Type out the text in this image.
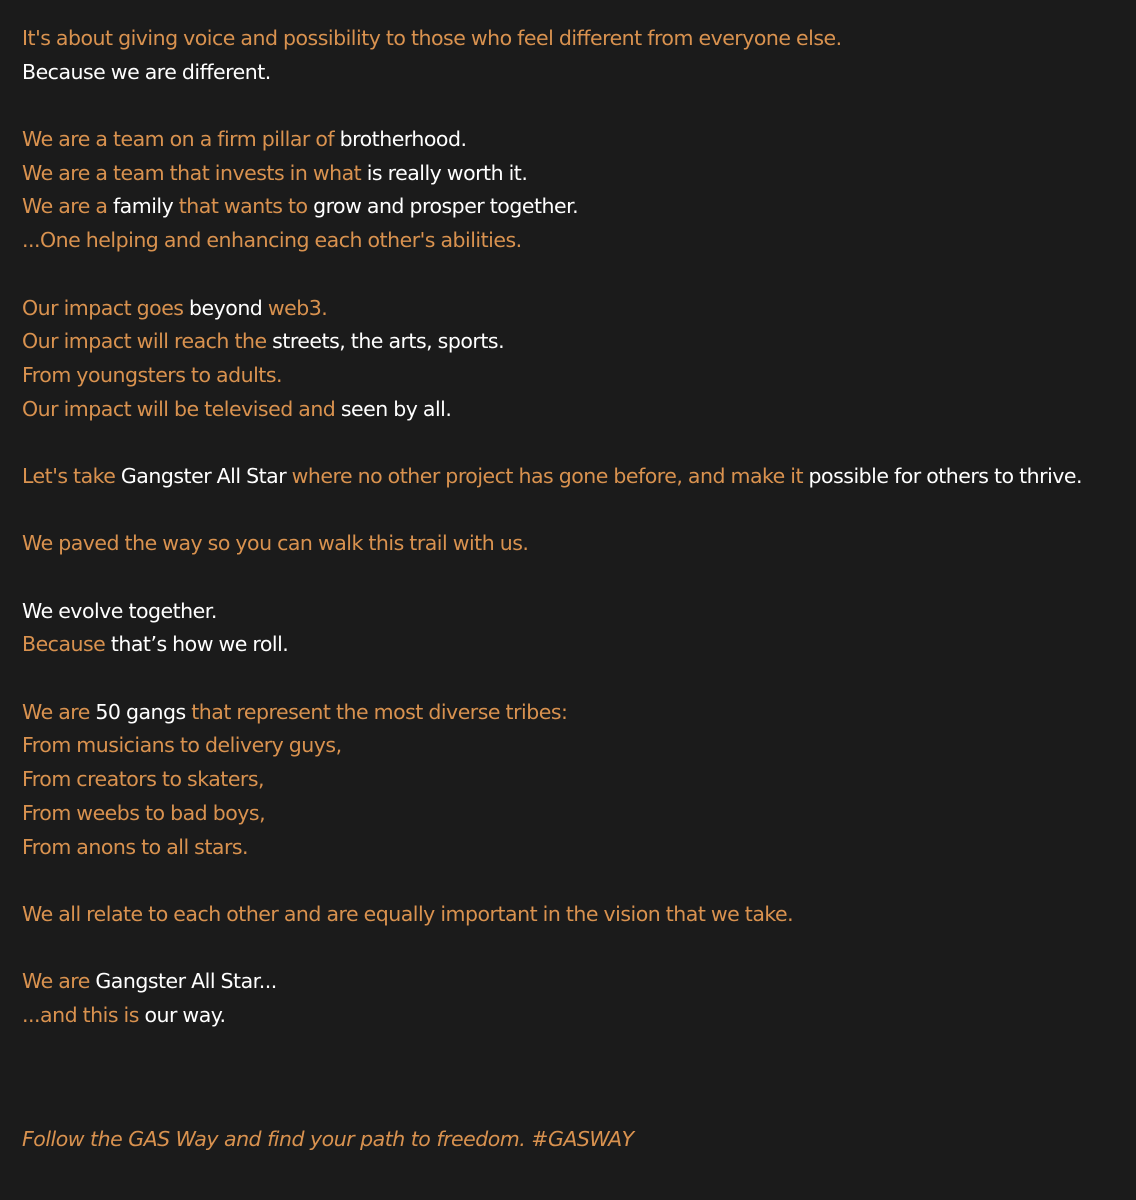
It's about giving voice and possibility to those who feel different from everyone else.
Because we are different.
We are a team on a firm pillar of brotherhood.
We are a team that invests in what is really worth it.
We are a family that wants to grow and prosper together.
...One helping and enhancing each other's abilities.
Our impact goes beyond web3.
Our impact will reach the streets, the arts, sports.
From youngsters to adults.
Our impact will be televised and seen by all.
Let's take Gangster All Star where no other project has gone before, and make it possible for others to thrive.
We paved the way so you can walk this trail with us.
We evolve together.
Because that’s how we roll.
We are 50 gangs that represent the most diverse tribes:
From musicians to delivery guys,
From creators to skaters,
From weebs to bad boys,
From anons to all stars.
We all relate to each other and are equally important in the vision that we take.
We are Gangster All Star...
...and this is our way.
Follow the GAS Way and find your path to freedom. #GASWAY
